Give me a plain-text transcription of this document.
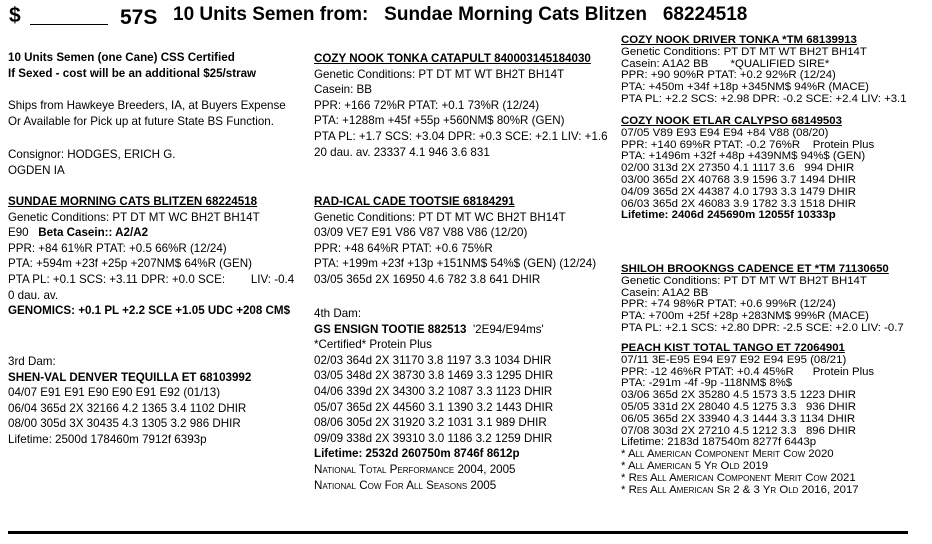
$	57S 10 Units Semen from:   Sundae Morning Cats Blitzen   68224518
10 Units Semen (one Cane) CSS Certified
If Sexed - cost will be an additional $25/straw
Ships from Hawkeye Breeders, IA, at Buyers Expense
Or Available for Pick up at future State BS Function.
Consignor: HODGES, ERICH G.
OGDEN IA
SUNDAE MORNING CATS BLITZEN 68224518
Genetic Conditions: PT DT MT WC BH2T BH14T
E90   Beta Casein:: A2/A2
PPR: +84 61%R PTAT: +0.5 66%R (12/24)
PTA: +594m +23f +25p +207NM$ 64%R (GEN)
PTA PL: +0.1 SCS: +3.11 DPR: +0.0 SCE:        LIV: -0.4
0 dau. av.
GENOMICS: +0.1 PL +2.2 SCE +1.05 UDC +208 CM$
3rd Dam:
SHEN-VAL DENVER TEQUILLA ET 68103992
04/07 E91 E91 E90 E90 E91 E92 (01/13)
06/04 365d 2X 32166 4.2 1365 3.4 1102 DHIR
08/00 305d 3X 30435 4.3 1305 3.2 986 DHIR
Lifetime: 2500d 178460m 7912f 6393p
COZY NOOK TONKA CATAPULT 840003145184030
Genetic Conditions: PT DT MT WT BH2T BH14T
Casein: BB
PPR: +166 72%R PTAT: +0.1 73%R (12/24)
PTA: +1288m +45f +55p +560NM$ 80%R (GEN)
PTA PL: +1.7 SCS: +3.04 DPR: +0.3 SCE: +2.1 LIV: +1.6
20 dau. av. 23337 4.1 946 3.6 831
RAD-ICAL CADE TOOTSIE 68184291
Genetic Conditions: PT DT MT WC BH2T BH14T
03/09 VE7 E91 V86 V87 V88 V86 (12/20)
PPR: +48 64%R PTAT: +0.6 75%R
PTA: +199m +23f +13p +151NM$ 54%$ (GEN) (12/24)
03/05 365d 2X 16950 4.6 782 3.8 641 DHIR
4th Dam:
GS ENSIGN TOOTIE 882513  '2E94/E94ms'
*Certified* Protein Plus
02/03 364d 2X 31170 3.8 1197 3.3 1034 DHIR
03/05 348d 2X 38730 3.8 1469 3.3 1295 DHIR
04/06 339d 2X 34300 3.2 1087 3.3 1123 DHIR
05/07 365d 2X 44560 3.1 1390 3.2 1443 DHIR
08/06 305d 2X 31920 3.2 1031 3.1 989 DHIR
09/09 338d 2X 39310 3.0 1186 3.2 1259 DHIR
Lifetime: 2532d 260750m 8746f 8612p
National Total Performance 2004, 2005
National Cow For All Seasons 2005
COZY NOOK DRIVER TONKA *TM 68139913
Genetic Conditions: PT DT MT WT BH2T BH14T
Casein: A1A2 BB       *QUALIFIED SIRE*
PPR: +90 90%R PTAT: +0.2 92%R (12/24)
PTA: +450m +34f +18p +345NM$ 94%R (MACE)
PTA PL: +2.2 SCS: +2.98 DPR: -0.2 SCE: +2.4 LIV: +3.1
COZY NOOK ETLAR CALYPSO 68149503
07/05 V89 E93 E94 E94 +84 V88 (08/20)
PPR: +140 69%R PTAT: -0.2 76%R    Protein Plus
PTA: +1496m +32f +48p +439NM$ 94%$ (GEN)
02/00 313d 2X 27350 4.1 1117 3.6   994 DHIR
03/00 365d 2X 40768 3.9 1596 3.7 1494 DHIR
04/09 365d 2X 44387 4.0 1793 3.3 1479 DHIR
06/03 365d 2X 46083 3.9 1782 3.3 1518 DHIR
Lifetime: 2406d 245690m 12055f 10333p
SHILOH BROOKNGS CADENCE ET *TM 71130650
Genetic Conditions: PT DT MT WT BH2T BH14T
Casein: A1A2 BB
PPR: +74 98%R PTAT: +0.6 99%R (12/24)
PTA: +700m +25f +28p +283NM$ 99%R (MACE)
PTA PL: +2.1 SCS: +2.80 DPR: -2.5 SCE: +2.0 LIV: -0.7
PEACH KIST TOTAL TANGO ET 72064901
07/11 3E-E95 E94 E97 E92 E94 E95 (08/21)
PPR: -12 46%R PTAT: +0.4 45%R      Protein Plus
PTA: -291m -4f -9p -118NM$ 8%$
03/06 365d 2X 35280 4.5 1573 3.5 1223 DHIR
05/05 331d 2X 28040 4.5 1275 3.3   936 DHIR
06/05 365d 2X 33940 4.3 1444 3.3 1134 DHIR
07/08 303d 2X 27210 4.5 1212 3.3   896 DHIR
Lifetime: 2183d 187540m 8277f 6443p
* All American Component Merit Cow 2020
* All American 5 Yr Old 2019
* Res All American Component Merit Cow 2021
* Res All American Sr 2 & 3 Yr Old 2016, 2017
